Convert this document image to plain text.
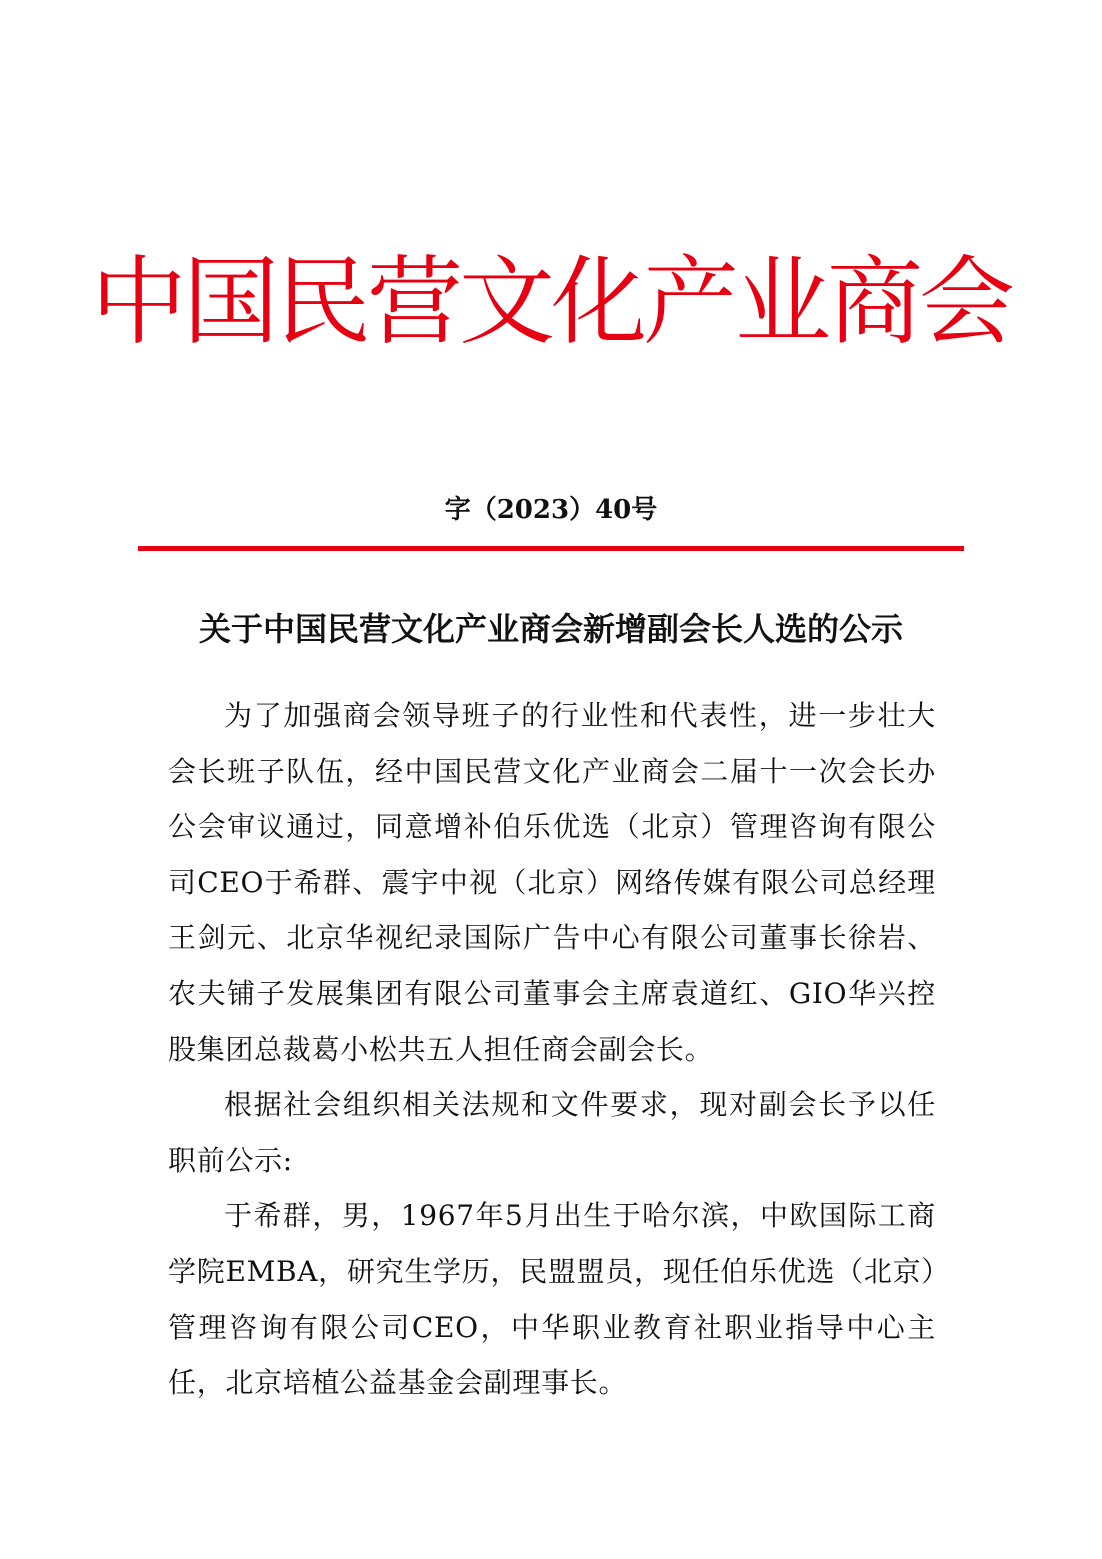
中国民营文化产业商会
字（2023）40号
关于中国民营文化产业商会新增副会长人选的公示

为了加强商会领导班子的行业性和代表性，进一步壮大会长班子队伍，经中国民营文化产业商会二届十一次会长办公会审议通过，同意增补伯乐优选（北京）管理咨询有限公司CEO于希群、震宇中视（北京）网络传媒有限公司总经理王剑元、北京华视纪录国际广告中心有限公司董事长徐岩、农夫铺子发展集团有限公司董事会主席袁道红、GIO华兴控股集团总裁葛小松共五人担任商会副会长。

根据社会组织相关法规和文件要求，现对副会长予以任职前公示:

于希群，男，1967年5月出生于哈尔滨，中欧国际工商学院EMBA，研究生学历，民盟盟员，现任伯乐优选（北京）管理咨询有限公司CEO，中华职业教育社职业指导中心主任，北京培植公益基金会副理事长。
